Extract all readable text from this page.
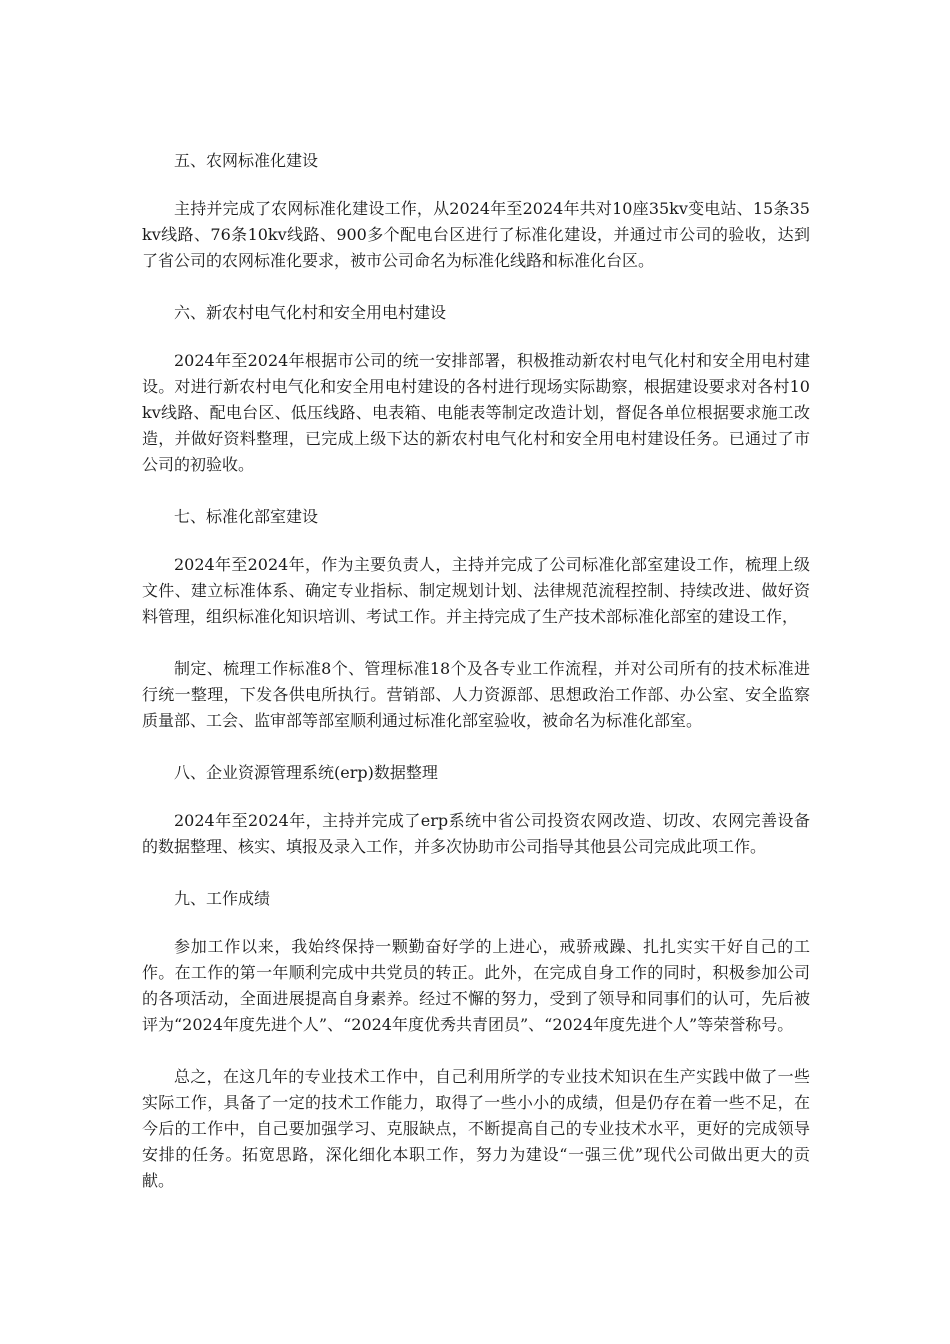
五、农网标准化建设

主持并完成了农网标准化建设工作，从2024年至2024年共对10座35kv变电站、15条35kv线路、76条10kv线路、900多个配电台区进行了标准化建设，并通过市公司的验收，达到了省公司的农网标准化要求，被市公司命名为标准化线路和标准化台区。

六、新农村电气化村和安全用电村建设

2024年至2024年根据市公司的统一安排部署，积极推动新农村电气化村和安全用电村建设。对进行新农村电气化和安全用电村建设的各村进行现场实际勘察，根据建设要求对各村10kv线路、配电台区、低压线路、电表箱、电能表等制定改造计划，督促各单位根据要求施工改造，并做好资料整理，已完成上级下达的新农村电气化村和安全用电村建设任务。已通过了市公司的初验收。

七、标准化部室建设

2024年至2024年，作为主要负责人，主持并完成了公司标准化部室建设工作，梳理上级文件、建立标准体系、确定专业指标、制定规划计划、法律规范流程控制、持续改进、做好资料管理，组织标准化知识培训、考试工作。并主持完成了生产技术部标准化部室的建设工作，

制定、梳理工作标准8个、管理标准18个及各专业工作流程，并对公司所有的技术标准进行统一整理，下发各供电所执行。营销部、人力资源部、思想政治工作部、办公室、安全监察质量部、工会、监审部等部室顺利通过标准化部室验收，被命名为标准化部室。

八、企业资源管理系统(erp)数据整理

2024年至2024年，主持并完成了erp系统中省公司投资农网改造、切改、农网完善设备的数据整理、核实、填报及录入工作，并多次协助市公司指导其他县公司完成此项工作。

九、工作成绩

参加工作以来，我始终保持一颗勤奋好学的上进心，戒骄戒躁、扎扎实实干好自己的工作。在工作的第一年顺利完成中共党员的转正。此外，在完成自身工作的同时，积极参加公司的各项活动，全面进展提高自身素养。经过不懈的努力，受到了领导和同事们的认可，先后被评为“2024年度先进个人”、“2024年度优秀共青团员”、“2024年度先进个人”等荣誉称号。

总之，在这几年的专业技术工作中，自己利用所学的专业技术知识在生产实践中做了一些实际工作，具备了一定的技术工作能力，取得了一些小小的成绩，但是仍存在着一些不足，在今后的工作中，自己要加强学习、克服缺点，不断提高自己的专业技术水平，更好的完成领导安排的任务。拓宽思路，深化细化本职工作，努力为建设“一强三优”现代公司做出更大的贡献。
